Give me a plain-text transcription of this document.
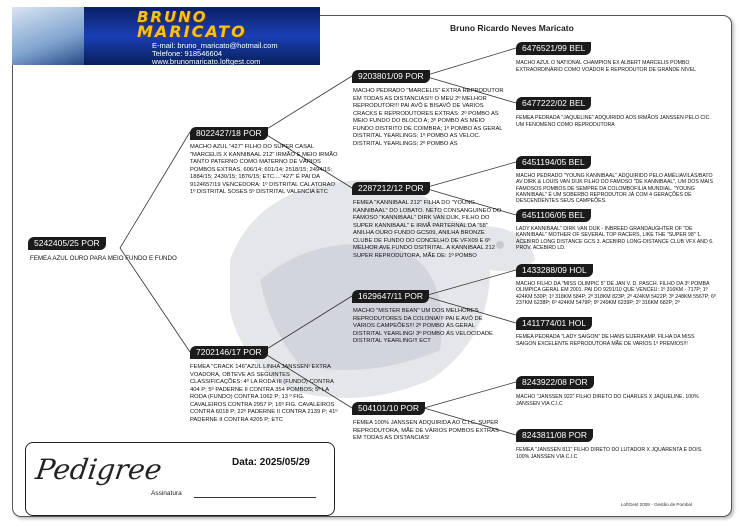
BRUNO
MARICATO
E-mail: bruno_maricato@hotmail.com
Telefone: 918546604
www.brunomaricato.loftgest.com
Bruno Ricardo Neves Maricato
5242405/25 POR
FEMEA AZUL OURO PARA MEIO FUNDO E FUNDO
8022427/18 POR
MACHO AZUL "427" FILHO DO SUPER CASAL "MARCELIS X KANNIBAAL 212" IRMÃO E MEIO IRMÃO TANTO PATERNO COMO MATERNO DE VÁRIOS POMBOS EXTRAS, 606/14; 601/14; 2518/15; 2494/15; 1884/15; 2430/15; 1876/15; ETC...."427" É PAI DA 9124657/19 VENCEDORA: 1º DISTRITAL CALATORAO 1º DISTRITAL SOSES 5º DISTRITAL VALENCIA ETC
7202146/17 POR
FEMEA "CRACK 146"AZUL LINHA JANSSEN! EXTRA VOADORA, OBTEVE AS SEGUINTES CLASSIFICAÇÕES: 4º LA RODA III (FUNDO) CONTRA 404 P; 5º PADERNE II CONTRA 354 POMBOS; 5º LA RODA (FUNDO) CONTRA 1062 P; 13 º FIG. CAVALEIROS CONTRA 2957 P; 16º FIG. CAVALEIROS CONTRA 6018 P; 22º PADERNE II CONTRA 2139 P; 41º PADERNE II CONTRA 4205 P; ETC
9203801/09 POR
MACHO PEDRADO "MARCELIS" EXTRA REPRODUTOR EM TODAS AS DISTANCIAS!!! O MEU 2º MELHOR REPRODUTOR!!! PAI AVÔ E BISAVÔ DE VARIOS CRACKS E REPRODUTORES EXTRAS: 2º POMBO AS MEIO FUNDO DO BLOCO A; 3º POMBO AS MEIO FUNDO DISTRITO DE COIMBRA; 1º POMBO AS GERAL DISTRITAL YEARLINGS; 1º POMBO AS VELOC. DISTRITAL YEARLINGS; 2º POMBO AS
2287212/12 POR
FEMEA "KANNIBAAL 212" FILHA DO "YOUNG KANNIBAAL" DO LOBATO. NETO CONSANGUINEO DO FAMOSO "KANNIBAAL" DIRK VAN DIJK, FILHO DO SUPER KANNIBAAL" E IRMÃ PARTERNAL DA "58" ANILHA OURO FUNDO GCS09, ANILHA BRONZE CLUBE DE FUNDO DO CONCELHO DE VFX09 E 6º MELHOR AVE FUNDO DSITRITAL. A KANNIBAAL 212 SUPER REPRODUTORA, MÃE DE: 1º POMBO
1629647/11 POR
MACHO "MISTER BEAN" UM DOS MELHORES REPRODUTORES DA COLONIA!!! PAI E AVÔ DE VÁRIOS CAMPEÕES!!! 2º POMBO ÁS GERAL DISTRITAL YEARLING! 3º POMBO ÁS VELOCIDADE DISTRITAL YEARLING!!! ECT
504101/10 POR
FEMEA 100% JANSSEN ADQUIRIDA AO C.I.C. SUPER REPRODUTORA, MÃE DE VÁRIOS POMBOS EXTRAS EM TODAS AS DISTANCIAS!
6476521/99 BEL
MACHO AZUL O NATIONAL CHAMPION EX ALBERT MARCELIS POMBO EXTRAORDINÁRIO COMO VOADOR E REPRODUTOR DE GRANDE NIVEL
6477222/02 BEL
FEMEA PEDRADA "JAQUELINE" ADQUIRIDO AOS IRMÃOS JANSSEN PELO CIC. UM FENOMENO COMO REPRODUTORA
6451194/05 BEL
MACHO PEDRADO "YOUNG KANNIBAAL" ADQUIRIDO PELO AMÉLIAVILAS/BATO AV DIRK & LOUIS VAN DIJK FILHO DO FAMOSO "DE KANNIBAAL", UM DOS MAIS FAMOSOS POMBOS DE SEMPRE DA COLOMBOFILIA MUNDIAL. "YOUNG KANNIBAAL" É UM SOBERBO REPRODUTOR JÁ COM 4 GERAÇÕES DE DESCENDENTES SEUS CAMPEÕES.
6451106/05 BEL
LADY KANNIBAAL" DIRK VAN DIJK - INBREED GRANDAUGHTER OF "DE KANNIBAAL" MOTHER OF SEVERAL TOP RACERS, LIKE THE "SUPER 98" 1. ACEBIRD LONG DISTANCE GCS 3. ACEBIRD LONG-DISTANCE CLUB VFX AND 6. PROV. ACEBIRD LD.
1433288/09 HOL
MACHO FILHO DA "MISS OLIMPIC 5" DE JAN V. D. PASCH. FILHO DA 3º POMBA OLIMPICA GERAL EM 2001. PAI DO 9291/10 QUE VENCEU: 1º 316KM - 717P; 1º 424KM 530P; 1º 318KM 584P; 2º 318KM 823P; 2º 424KM 5422P; 3º 248KM 5567P; 6º 237KM 6238P; 6º 424KM 5479P; 9º 249KM 6239P; 2º 316KM 682P; 2º
1411774/01 HOL
FEMEA PEDRADA "LADY SAIGON" DE HANS EIJERKAMP. FILHA DA MISS SAIGON EXCELENTE REPRODUTORA MÃE DE VARIOS 1º PREMIOS!!!
8243922/08 POR
MACHO "JANSSEN 922" FILHO DIRETO DO CHARLES X JAQUELINE. 100% JANSSEN VIA C.I.C
8243811/08 POR
FEMEA "JANSSEN 811" FILHO DIRETO DO LUTADOR X JQUARENTA E DOIS. 100% JANSSEN VIA C.I.C
Pedigree	Data: 2025/05/29
Assinatura
LoftGest 2008 - Gestão de Pombal
